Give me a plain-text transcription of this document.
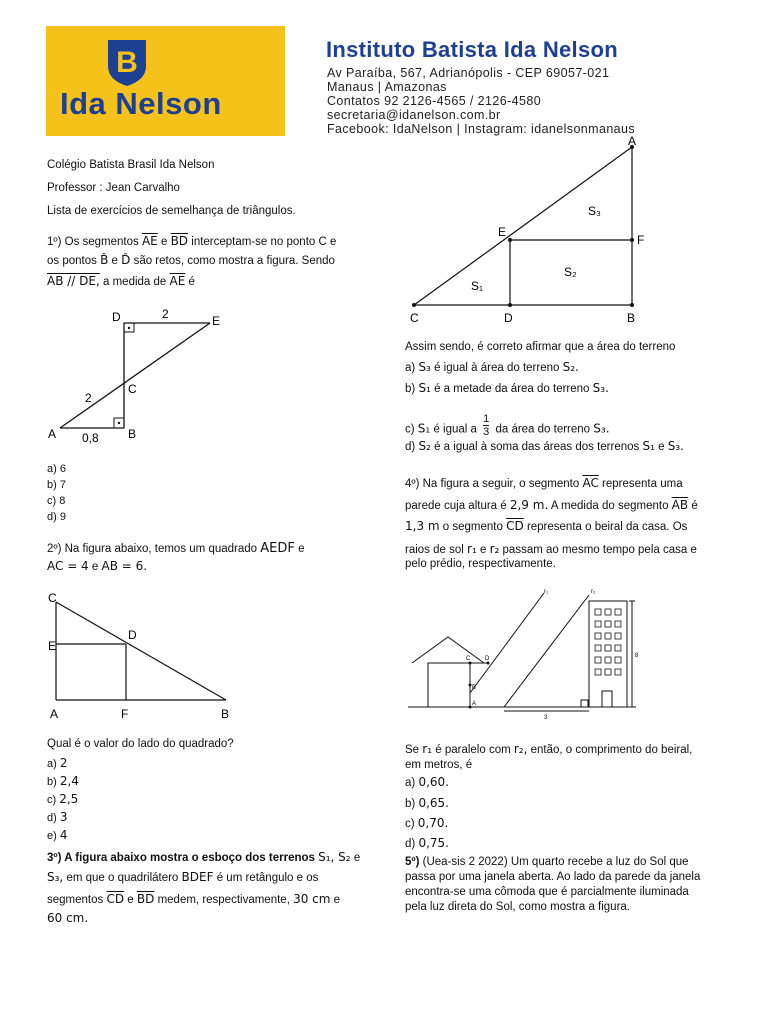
B
Ida Nelson
Instituto Batista Ida Nelson
Av Paraíba, 567, Adrianópolis - CEP 69057-021
Manaus | Amazonas
Contatos 92 2126-4565 / 2126-4580
secretaria@idanelson.com.br
Facebook: IdaNelson | Instagram: idanelsonmanaus
Colégio Batista Brasil Ida Nelson
Professor : Jean Carvalho
Lista de exercícios de semelhança de triângulos.
1º) Os segmentos $\overline{AE}$ e $\overline{BD}$ interceptam-se no ponto C e
os pontos B̂ e D̂ são retos, como mostra a figura. Sendo
AB // DE, a medida de $\overline{AE}$ é
D	E
C
A	B
2
2
0,8
a) 6
b) 7
c) 8
d) 9
2º) Na figura abaixo, temos um quadrado AEDF e
AC = 4 e AB = 6.
C
E
D
A	F	B
Qual é o valor do lado do quadrado?
a) 2
b) 2,4
c) 2,5
d) 3
e) 4
3º) A figura abaixo mostra o esboço dos terrenos S₁, S₂ e
S₃, em que o quadrilátero BDEF é um retângulo e os
segmentos $\overline{CD}$ e $\overline{BD}$ medem, respectivamente, 30 cm e
60 cm.
A
E
F
C	D	B
S₁
S₂
S₃
Assim sendo, é correto afirmar que a área do terreno
a) S₃ é igual à área do terreno S₂.
b) S₁ é a metade da área do terreno S₃.
c) S₁ é igual a $\frac{1}{3}$ da área do terreno S₃.
d) S₂ é a igual à soma das áreas dos terrenos S₁ e S₃.
4º) Na figura a seguir, o segmento $\overline{AC}$ representa uma
parede cuja altura é 2,9 m. A medida do segmento $\overline{AB}$ é
1,3 m o segmento $\overline{CD}$ representa o beiral da casa. Os
raios de sol r₁ e r₂ passam ao mesmo tempo pela casa e
pelo prédio, respectivamente.
r₁	r₂
C D
B
A
8
3
Se r₁ é paralelo com r₂, então, o comprimento do beiral,
em metros, é
a) 0,60.
b) 0,65.
c) 0,70.
d) 0,75.
5º) (Uea-sis 2 2022) Um quarto recebe a luz do Sol que
passa por uma janela aberta. Ao lado da parede da janela
encontra-se uma cômoda que é parcialmente iluminada
pela luz direta do Sol, como mostra a figura.
